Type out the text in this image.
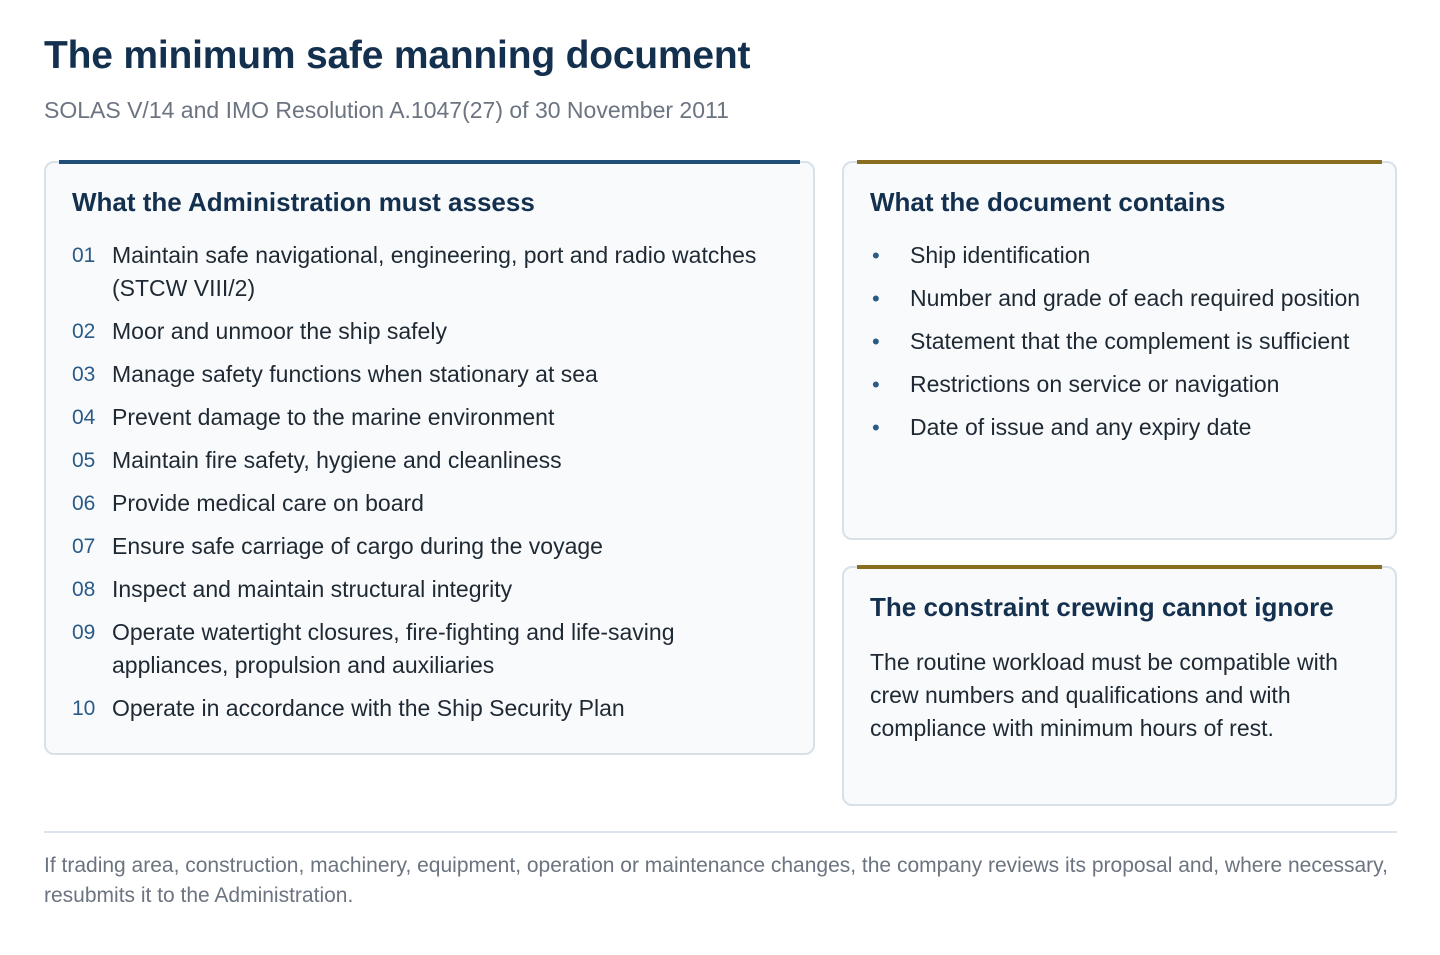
The minimum safe manning document

SOLAS V/14 and IMO Resolution A.1047(27) of 30 November 2011

What the Administration must assess
01 Maintain safe navigational, engineering, port and radio watches (STCW VIII/2)
02 Moor and unmoor the ship safely
03 Manage safety functions when stationary at sea
04 Prevent damage to the marine environment
05 Maintain fire safety, hygiene and cleanliness
06 Provide medical care on board
07 Ensure safe carriage of cargo during the voyage
08 Inspect and maintain structural integrity
09 Operate watertight closures, fire-fighting and life-saving appliances, propulsion and auxiliaries
10 Operate in accordance with the Ship Security Plan
What the document contains
• Ship identification
• Number and grade of each required position
• Statement that the complement is sufficient
• Restrictions on service or navigation
• Date of issue and any expiry date
The constraint crewing cannot ignore

The routine workload must be compatible with crew numbers and qualifications and with compliance with minimum hours of rest.

If trading area, construction, machinery, equipment, operation or maintenance changes, the company reviews its proposal and, where necessary, resubmits it to the Administration.
